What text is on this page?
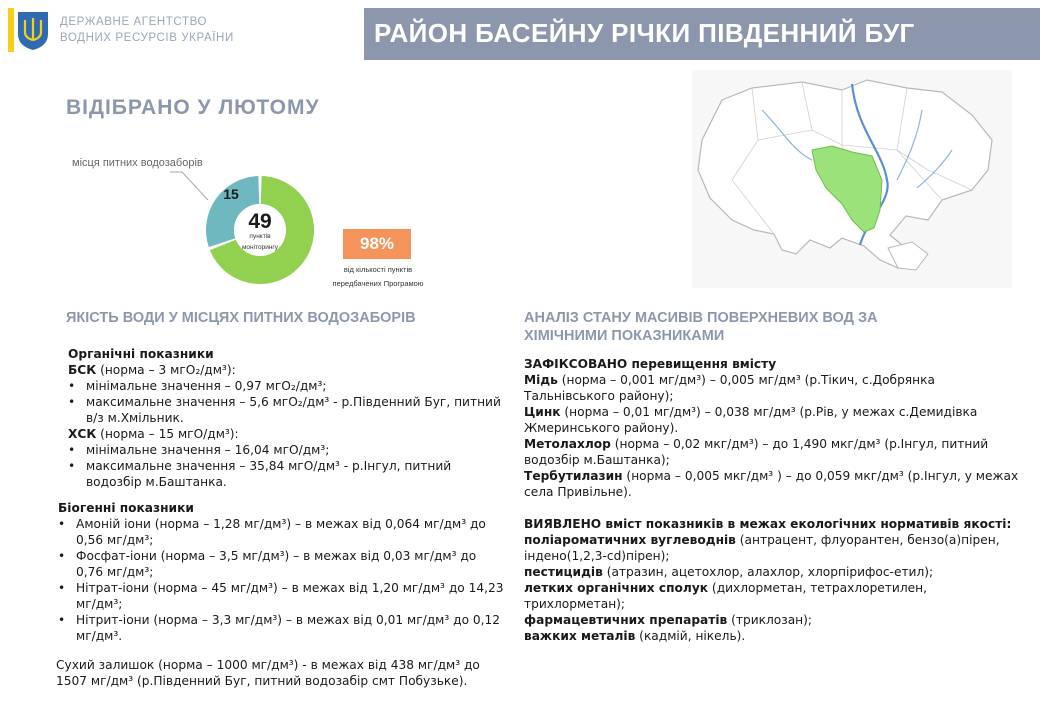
ДЕРЖАВНЕ АГЕНТСТВО
ВОДНИХ РЕСУРСІВ УКРАЇНИ	РАЙОН БАСЕЙНУ РІЧКИ ПІВДЕННИЙ БУГ
ВІДІБРАНО У ЛЮТОМУ
місця питних водозаборів
15
49
пунктів
моніторингу	98%
від кількості пунктів
передбачених Програмою
ЯКІСТЬ ВОДИ У МІСЦЯХ ПИТНИХ ВОДОЗАБОРІВ
Органічні показники
БСК (норма – 3 мгО₂/дм³):
• мінімальне значення – 0,97 мгО₂/дм³;
• максимальне значення – 5,6 мгО₂/дм³ - р.Південний Буг, питний в/з м.Хмільник.
ХСК (норма – 15 мгО/дм³):
• мінімальне значення – 16,04 мгО/дм³;
• максимальне значення – 35,84 мгО/дм³ - р.Інгул, питний водозбір м.Баштанка.
Біогенні показники
• Амоній іони (норма – 1,28 мг/дм³) – в межах від 0,064 мг/дм³ до 0,56 мг/дм³;
• Фосфат-іони (норма – 3,5 мг/дм³) – в межах від 0,03 мг/дм³ до 0,76 мг/дм³;
• Нітрат-іони (норма – 45 мг/дм³) – в межах від 1,20 мг/дм³ до 14,23 мг/дм³;
• Нітрит-іони (норма – 3,3 мг/дм³) – в межах від 0,01 мг/дм³ до 0,12 мг/дм³.
Сухий залишок (норма – 1000 мг/дм³) - в межах від 438 мг/дм³ до 1507 мг/дм³ (р.Південний Буг, питний водозабір смт Побузьке).
АНАЛІЗ СТАНУ МАСИВІВ ПОВЕРХНЕВИХ ВОД ЗА ХІМІЧНИМИ ПОКАЗНИКАМИ
ЗАФІКСОВАНО перевищення вмісту
Мідь (норма – 0,001 мг/дм³) – 0,005 мг/дм³ (р.Тікич, с.Добрянка Тальнівського району);
Цинк (норма – 0,01 мг/дм³) – 0,038 мг/дм³ (р.Рів, у межах с.Демидівка Жмеринського району).
Метолахлор (норма – 0,02 мкг/дм³) – до 1,490 мкг/дм³ (р.Інгул, питний водозбір м.Баштанка);
Тербутилазин (норма – 0,005 мкг/дм³ ) – до 0,059 мкг/дм³ (р.Інгул, у межах села Привільне).
ВИЯВЛЕНО вміст показників в межах екологічних нормативів якості:
поліароматичних вуглеводнів (антрацент, флуорантен, бензо(а)пірен, індено(1,2,3-cd)пірен);
пестицидів (атразин, ацетохлор, алахлор, хлорпірифос-етил);
летких органічних сполук (дихлорметан, тетрахлоретилен, трихлорметан);
фармацевтичних препаратів (триклозан);
важких металів (кадмій, нікель).
